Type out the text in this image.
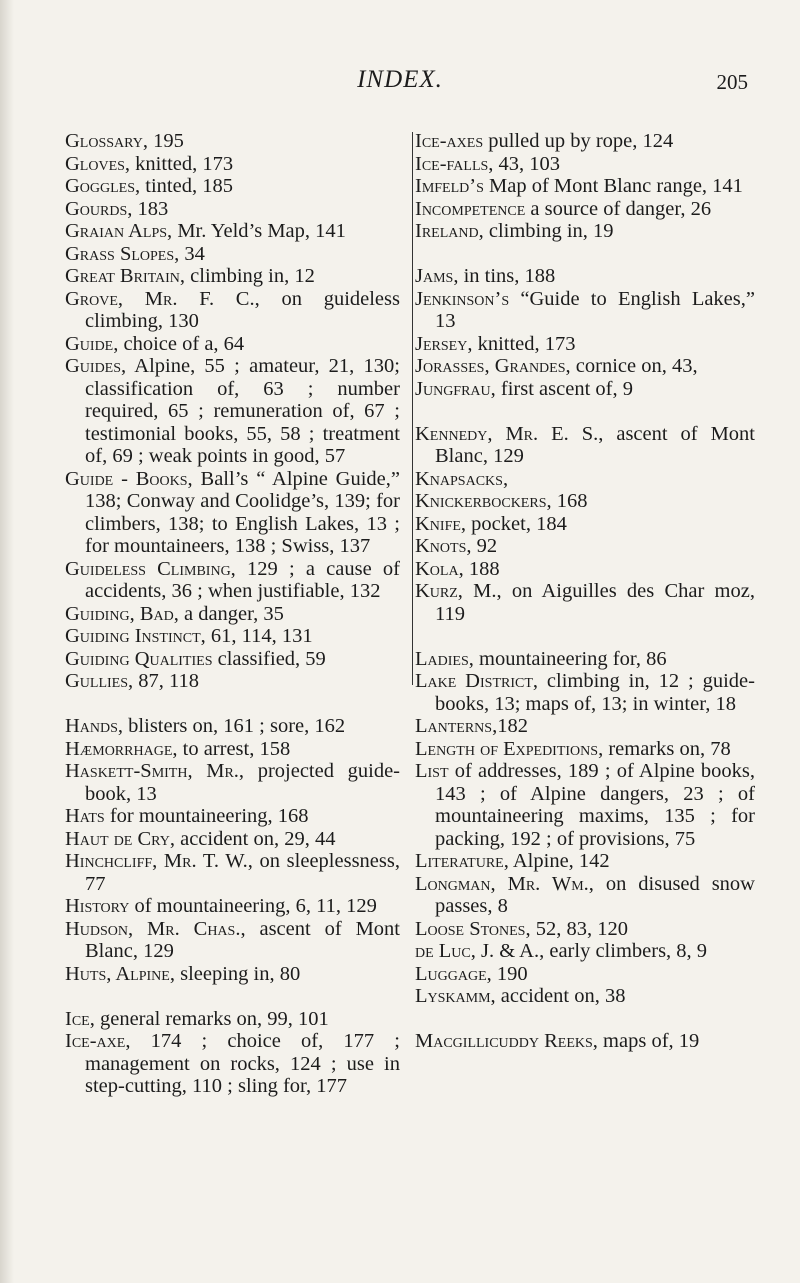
INDEX.	205
Glossary, 195
Gloves, knitted, 173
Goggles, tinted, 185
Gourds, 183
Graian Alps, Mr. Yeld’s Map, 141
Grass Slopes, 34
Great Britain, climbing in, 12
Grove, Mr. F. C., on guideless climbing, 130
Guide, choice of a, 64
Guides, Alpine, 55 ; amateur, 21, 130; classification of, 63 ; number required, 65 ; remuneration of, 67 ; testimonial books, 55, 58 ; treatment of, 69 ; weak points in good, 57
Guide - Books, Ball’s “ Alpine Guide,” 138; Conway and Coolidge’s, 139; for climbers, 138; to English Lakes, 13 ; for mountaineers, 138 ; Swiss, 137
Guideless Climbing, 129 ; a cause of accidents, 36 ; when justifiable, 132
Guiding, Bad, a danger, 35
Guiding Instinct, 61, 114, 131
Guiding Qualities classified, 59
Gullies, 87, 118
Hands, blisters on, 161 ; sore, 162
Hæmorrhage, to arrest, 158
Haskett-Smith, Mr., projected guide-book, 13
Hats for mountaineering, 168
Haut de Cry, accident on, 29, 44
Hinchcliff, Mr. T. W., on sleeplessness, 77
History of mountaineering, 6, 11, 129
Hudson, Mr. Chas., ascent of Mont Blanc, 129
Huts, Alpine, sleeping in, 80
Ice, general remarks on, 99, 101
Ice-axe, 174 ; choice of, 177 ; management on rocks, 124 ; use in step-cutting, 110 ; sling for, 177
Ice-axes pulled up by rope, 124
Ice-falls, 43, 103
Imfeld’s Map of Mont Blanc range, 141
Incompetence a source of danger, 26
Ireland, climbing in, 19
Jams, in tins, 188
Jenkinson’s “Guide to English Lakes,” 13
Jersey, knitted, 173
Jorasses, Grandes, cornice on, 43,
Jungfrau, first ascent of, 9
Kennedy, Mr. E. S., ascent of Mont Blanc, 129
Knapsacks,
Knickerbockers, 168
Knife, pocket, 184
Knots, 92
Kola, 188
Kurz, M., on Aiguilles des Char moz, 119
Ladies, mountaineering for, 86
Lake District, climbing in, 12 ; guide-books, 13; maps of, 13; in winter, 18
Lanterns,182
Length of Expeditions, remarks on, 78
List of addresses, 189 ; of Alpine books, 143 ; of Alpine dangers, 23 ; of mountaineering maxims, 135 ; for packing, 192 ; of provisions, 75
Literature, Alpine, 142
Longman, Mr. Wm., on disused snow passes, 8
Loose Stones, 52, 83, 120
de Luc, J. & A., early climbers, 8, 9
Luggage, 190
Lyskamm, accident on, 38
Macgillicuddy Reeks, maps of, 19
